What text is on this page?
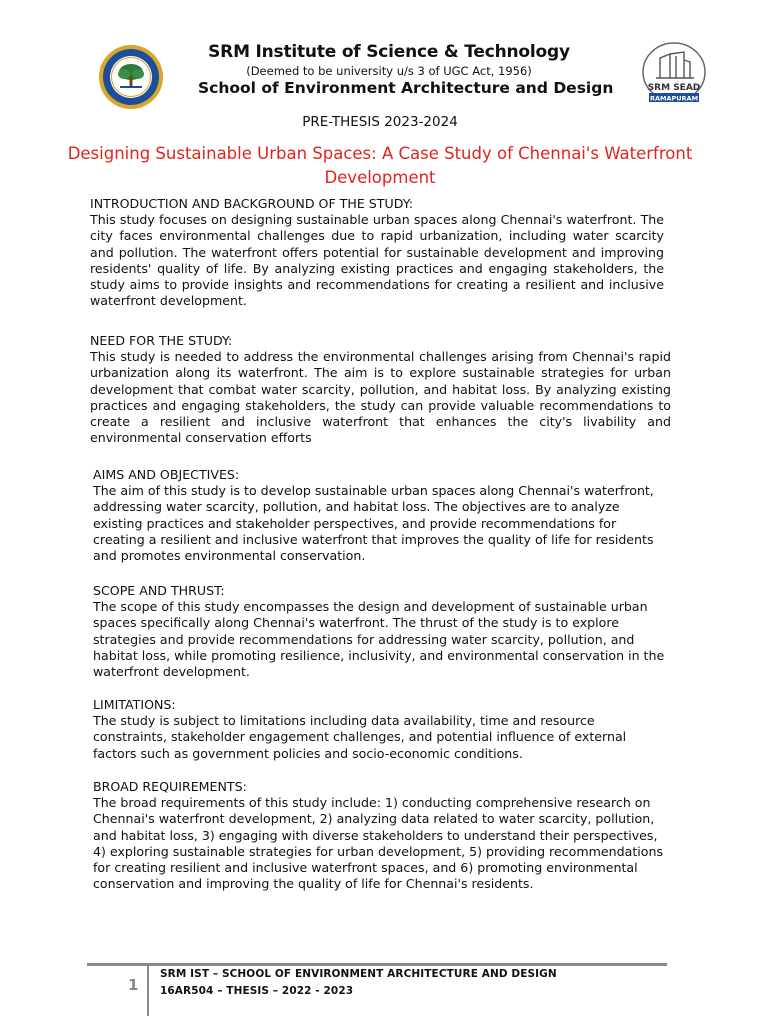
SRM Institute of Science & Technology
(Deemed to be university u/s 3 of UGC Act, 1956)
School of Environment Architecture and Design	SRM SEAD
RAMAPURAM
PRE-THESIS 2023-2024
Designing Sustainable Urban Spaces: A Case Study of Chennai's Waterfront Development
INTRODUCTION AND BACKGROUND OF THE STUDY:
This study focuses on designing sustainable urban spaces along Chennai's waterfront. The city faces environmental challenges due to rapid urbanization, including water scarcity and pollution. The waterfront offers potential for sustainable development and improving residents' quality of life. By analyzing existing practices and engaging stakeholders, the study aims to provide insights and recommendations for creating a resilient and inclusive waterfront development.
NEED FOR THE STUDY:
This study is needed to address the environmental challenges arising from Chennai's rapid urbanization along its waterfront. The aim is to explore sustainable strategies for urban development that combat water scarcity, pollution, and habitat loss. By analyzing existing practices and engaging stakeholders, the study can provide valuable recommendations to create a resilient and inclusive waterfront that enhances the city's livability and environmental conservation efforts
AIMS AND OBJECTIVES:
The aim of this study is to develop sustainable urban spaces along Chennai's waterfront, addressing water scarcity, pollution, and habitat loss. The objectives are to analyze existing practices and stakeholder perspectives, and provide recommendations for creating a resilient and inclusive waterfront that improves the quality of life for residents and promotes environmental conservation.
SCOPE AND THRUST:
The scope of this study encompasses the design and development of sustainable urban spaces specifically along Chennai's waterfront. The thrust of the study is to explore strategies and provide recommendations for addressing water scarcity, pollution, and habitat loss, while promoting resilience, inclusivity, and environmental conservation in the waterfront development.
LIMITATIONS:
The study is subject to limitations including data availability, time and resource constraints, stakeholder engagement challenges, and potential influence of external factors such as government policies and socio-economic conditions.
BROAD REQUIREMENTS:
The broad requirements of this study include: 1) conducting comprehensive research on Chennai's waterfront development, 2) analyzing data related to water scarcity, pollution, and habitat loss, 3) engaging with diverse stakeholders to understand their perspectives, 4) exploring sustainable strategies for urban development, 5) providing recommendations for creating resilient and inclusive waterfront spaces, and 6) promoting environmental conservation and improving the quality of life for Chennai's residents.
1
SRM IST – SCHOOL OF ENVIRONMENT ARCHITECTURE AND DESIGN
16AR504 – THESIS – 2022 - 2023
